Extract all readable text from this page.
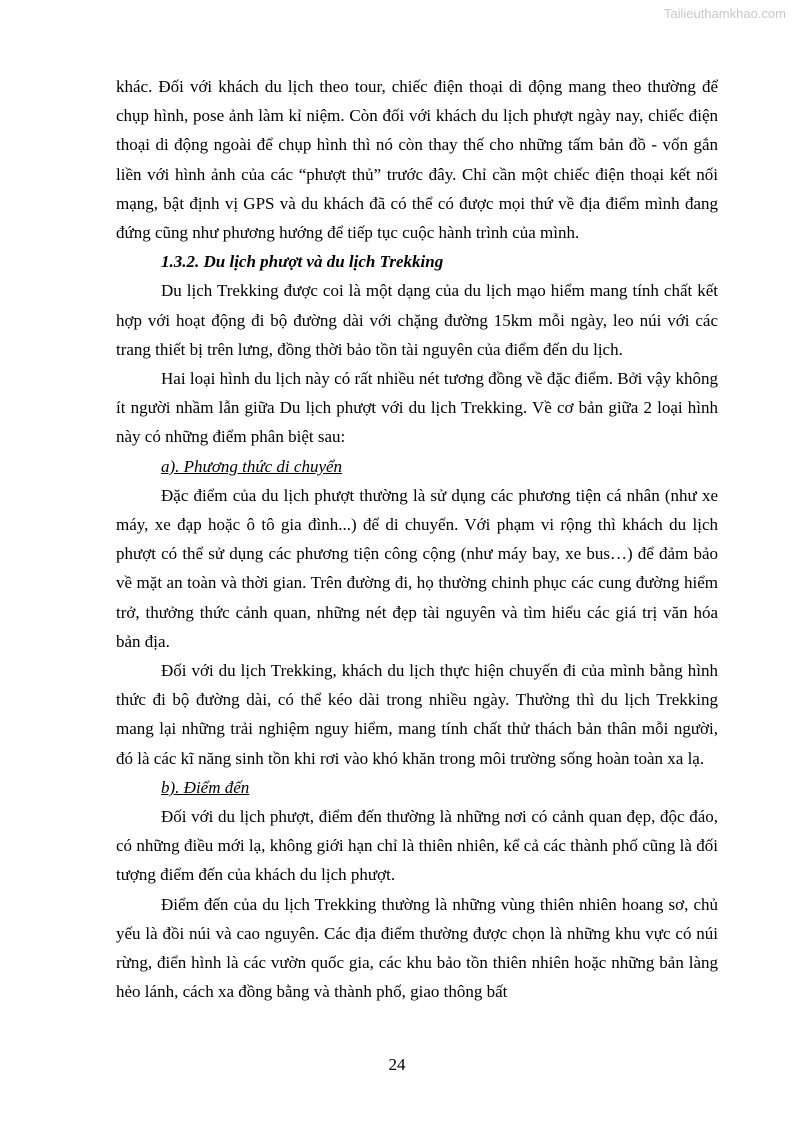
Tailieuthamkhao.com

khác. Đối với khách du lịch theo tour, chiếc điện thoại di động mang theo thường để chụp hình, pose ảnh làm kỉ niệm. Còn đối với khách du lịch phượt ngày nay, chiếc điện thoại di động ngoài để chụp hình thì nó còn thay thế cho những tấm bản đồ - vốn gắn liền với hình ảnh của các “phượt thủ” trước đây. Chỉ cần một chiếc điện thoại kết nối mạng, bật định vị GPS và du khách đã có thể có được mọi thứ về địa điểm mình đang đứng cũng như phương hướng để tiếp tục cuộc hành trình của mình.

1.3.2. Du lịch phượt và du lịch Trekking

Du lịch Trekking được coi là một dạng của du lịch mạo hiểm mang tính chất kết hợp với hoạt động đi bộ đường dài với chặng đường 15km mỗi ngày, leo núi với các trang thiết bị trên lưng, đồng thời bảo tồn tài nguyên của điểm đến du lịch.

Hai loại hình du lịch này có rất nhiều nét tương đồng về đặc điểm. Bởi vậy không ít người nhầm lẫn giữa Du lịch phượt với du lịch Trekking. Về cơ bản giữa 2 loại hình này có những điểm phân biệt sau:

a). Phương thức di chuyển

Đặc điểm của du lịch phượt thường là sử dụng các phương tiện cá nhân (như xe máy, xe đạp hoặc ô tô gia đình...) để di chuyển. Với phạm vi rộng thì khách du lịch phượt có thể sử dụng các phương tiện công cộng (như máy bay, xe bus…) để đảm bảo về mặt an toàn và thời gian. Trên đường đi, họ thường chinh phục các cung đường hiểm trở, thưởng thức cảnh quan, những nét đẹp tài nguyên và tìm hiểu các giá trị văn hóa bản địa.

Đối với du lịch Trekking, khách du lịch thực hiện chuyến đi của mình bằng hình thức đi bộ đường dài, có thể kéo dài trong nhiều ngày. Thường thì du lịch Trekking mang lại những trải nghiệm nguy hiểm, mang tính chất thử thách bản thân mỗi người, đó là các kĩ năng sinh tồn khi rơi vào khó khăn trong môi trường sống hoàn toàn xa lạ.

b). Điểm đến

Đối với du lịch phượt, điểm đến thường là những nơi có cảnh quan đẹp, độc đáo, có những điều mới lạ, không giới hạn chỉ là thiên nhiên, kể cả các thành phố cũng là đối tượng điểm đến của khách du lịch phượt.

Điểm đến của du lịch Trekking thường là những vùng thiên nhiên hoang sơ, chủ yếu là đồi núi và cao nguyên. Các địa điểm thường được chọn là những khu vực có núi rừng, điển hình là các vườn quốc gia, các khu bảo tồn thiên nhiên hoặc những bản làng hẻo lánh, cách xa đồng bằng và thành phố, giao thông bất

24
